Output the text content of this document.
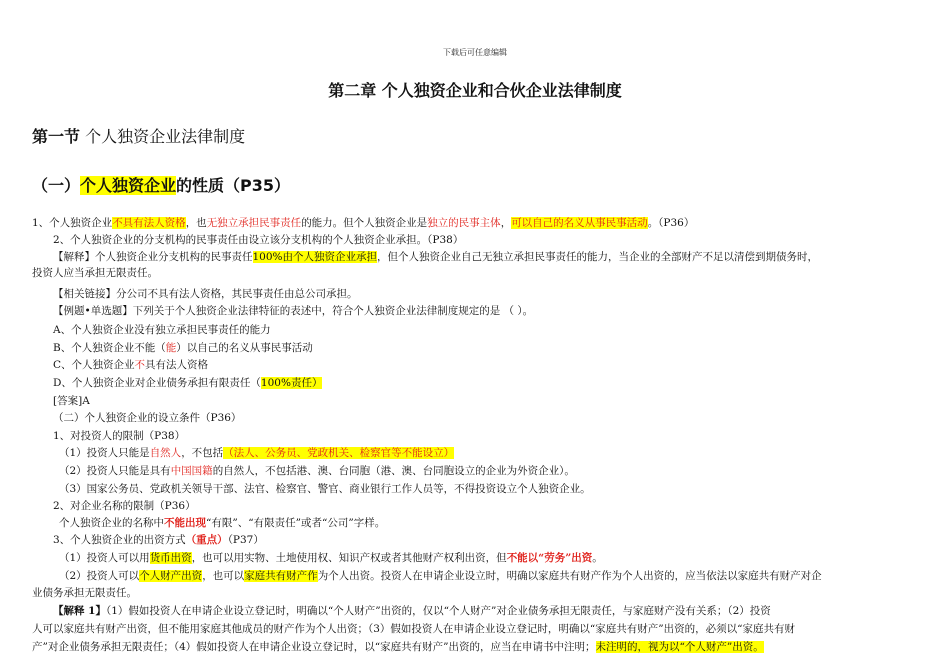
下载后可任意编辑
第二章 个人独资企业和合伙企业法律制度
第一节 个人独资企业法律制度
（一）个人独资企业的性质（P35）
1、个人独资企业不具有法人资格，也无独立承担民事责任的能力。但个人独资企业是独立的民事主体，可以自己的名义从事民事活动。（P36）
2、个人独资企业的分支机构的民事责任由设立该分支机构的个人独资企业承担。（P38）
【解释】个人独资企业分支机构的民事责任100%由个人独资企业承担，但个人独资企业自己无独立承担民事责任的能力，当企业的全部财产不足以清偿到期债务时，
投资人应当承担无限责任。
【相关链接】分公司不具有法人资格，其民事责任由总公司承担。
【例题•单选题】下列关于个人独资企业法律特征的表述中，符合个人独资企业法律制度规定的是 （ ）。
A、个人独资企业没有独立承担民事责任的能力
B、个人独资企业不能（能）以自己的名义从事民事活动
C、个人独资企业不具有法人资格
D、个人独资企业对企业债务承担有限责任（100%责任）
[答案]A
（二）个人独资企业的设立条件（P36）
1、对投资人的限制（P38）
（1）投资人只能是自然人，不包括（法人、公务员、党政机关、检察官等不能设立）
（2）投资人只能是具有中国国籍的自然人，不包括港、澳、台同胞（港、澳、台同胞设立的企业为外资企业）。
（3）国家公务员、党政机关领导干部、法官、检察官、警官、商业银行工作人员等，不得投资设立个人独资企业。
2、对企业名称的限制（P36）
个人独资企业的名称中不能出现“有限”、“有限责任”或者“公司”字样。
3、个人独资企业的出资方式（重点）（P37）
（1）投资人可以用货币出资，也可以用实物、土地使用权、知识产权或者其他财产权利出资，但不能以“劳务”出资。
（2）投资人可以个人财产出资，也可以家庭共有财产作为个人出资。投资人在申请企业设立时，明确以家庭共有财产作为个人出资的，应当依法以家庭共有财产对企
业债务承担无限责任。
【解释 1】（1）假如投资人在申请企业设立登记时，明确以“个人财产”出资的，仅以“个人财产”对企业债务承担无限责任，与家庭财产没有关系；（2）投资
人可以家庭共有财产出资，但不能用家庭其他成员的财产作为个人出资；（3）假如投资人在申请企业设立登记时，明确以“家庭共有财产”出资的，必须以“家庭共有财
产”对企业债务承担无限责任；（4）假如投资人在申请企业设立登记时，以“家庭共有财产”出资的，应当在申请书中注明；未注明的，视为以“个人财产”出资。
